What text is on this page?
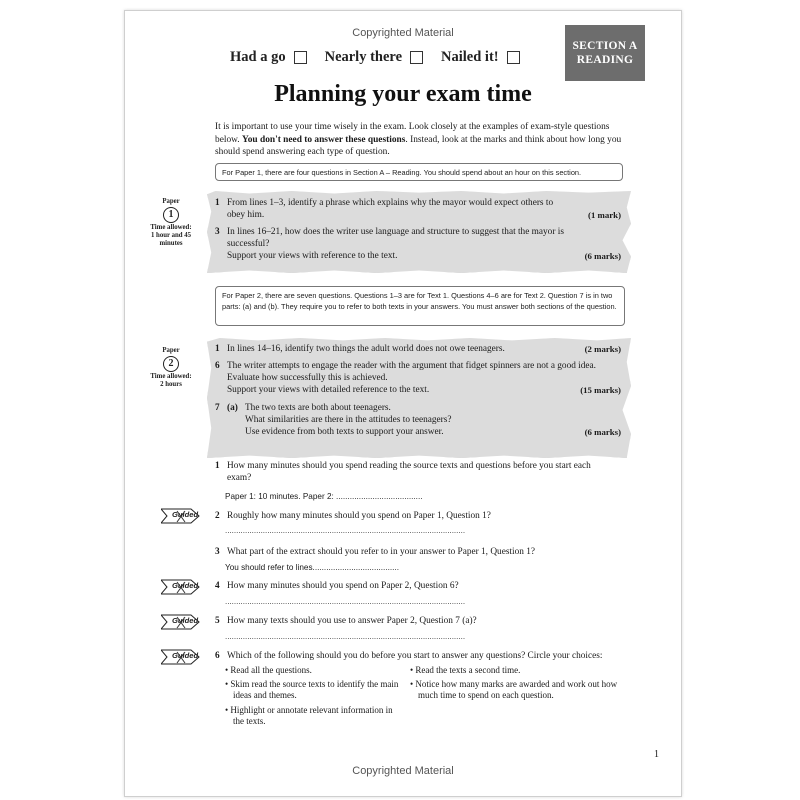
Copyrighted Material
Had a go	Nearly there	Nailed it!
SECTION A
READING
Planning your exam time
It is important to use your time wisely in the exam. Look closely at the examples of exam-style questions below. You don't need to answer these questions. Instead, look at the marks and think about how long you should spend answering each type of question.
For Paper 1, there are four questions in Section A – Reading. You should spend about an hour on this section.
Paper
1
Time allowed:
1 hour and 45 minutes
1 From lines 1–3, identify a phrase which explains why the mayor would expect others to obey him.	(1 mark)
3 In lines 16–21, how does the writer use language and structure to suggest that the mayor is successful?
Support your views with reference to the text.	(6 marks)
For Paper 2, there are seven questions. Questions 1–3 are for Text 1. Questions 4–6 are for Text 2. Question 7 is in two parts: (a) and (b). They require you to refer to both texts in your answers. You must answer both sections of the question.
Paper
2
Time allowed:
2 hours
1 In lines 14–16, identify two things the adult world does not owe teenagers.	(2 marks)
6 The writer attempts to engage the reader with the argument that fidget spinners are not a good idea. Evaluate how successfully this is achieved.
Support your views with detailed reference to the text.	(15 marks)
7 (a) The two texts are both about teenagers.
What similarities are there in the attitudes to teenagers?
Use evidence from both texts to support your answer.	(6 marks)
1 How many minutes should you spend reading the source texts and questions before you start each exam?
Paper 1: 10 minutes. Paper 2: ......................................
Guided 2 Roughly how many minutes should you spend on Paper 1, Question 1?
............................................................................................................
3 What part of the extract should you refer to in your answer to Paper 1, Question 1?
You should refer to lines......................................
Guided 4 How many minutes should you spend on Paper 2, Question 6?
............................................................................................................
Guided 5 How many texts should you use to answer Paper 2, Question 7 (a)?
............................................................................................................
Guided 6 Which of the following should you do before you start to answer any questions? Circle your choices:
• Read all the questions.
• Skim read the source texts to identify the main ideas and themes.
• Highlight or annotate relevant information in the texts.
• Read the texts a second time.
• Notice how many marks are awarded and work out how much time to spend on each question.
1
Copyrighted Material
